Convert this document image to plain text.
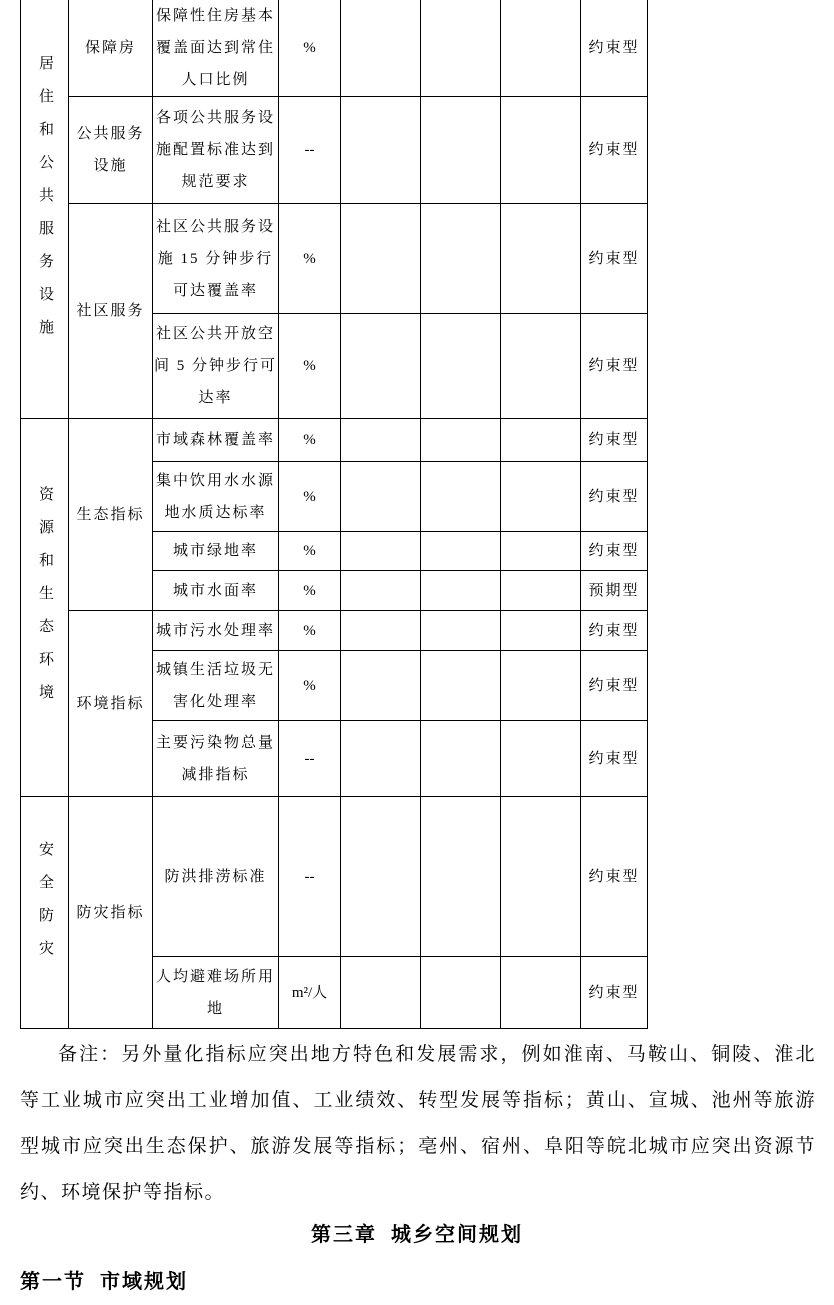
居住和公共服务设施	保障房	保障性住房基本覆盖面达到常住人口比例	%				约束型
	公共服务设施	各项公共服务设施配置标准达到规范要求	--				约束型
	社区服务	社区公共服务设施 15 分钟步行可达覆盖率	%				约束型
		社区公共开放空间 5 分钟步行可达率	%				约束型
资源和生态环境	生态指标	市域森林覆盖率	%				约束型
		集中饮用水水源地水质达标率	%				约束型
		城市绿地率	%				约束型
		城市水面率	%				预期型
	环境指标	城市污水处理率	%				约束型
		城镇生活垃圾无害化处理率	%				约束型
		主要污染物总量减排指标	--				约束型
安全防灾	防灾指标	防洪排涝标准	--				约束型
		人均避难场所用地	m²/人				约束型

备注：另外量化指标应突出地方特色和发展需求，例如淮南、马鞍山、铜陵、淮北等工业城市应突出工业增加值、工业绩效、转型发展等指标；黄山、宣城、池州等旅游型城市应突出生态保护、旅游发展等指标；亳州、宿州、阜阳等皖北城市应突出资源节约、环境保护等指标。

第三章  城乡空间规划
第一节  市域规划
